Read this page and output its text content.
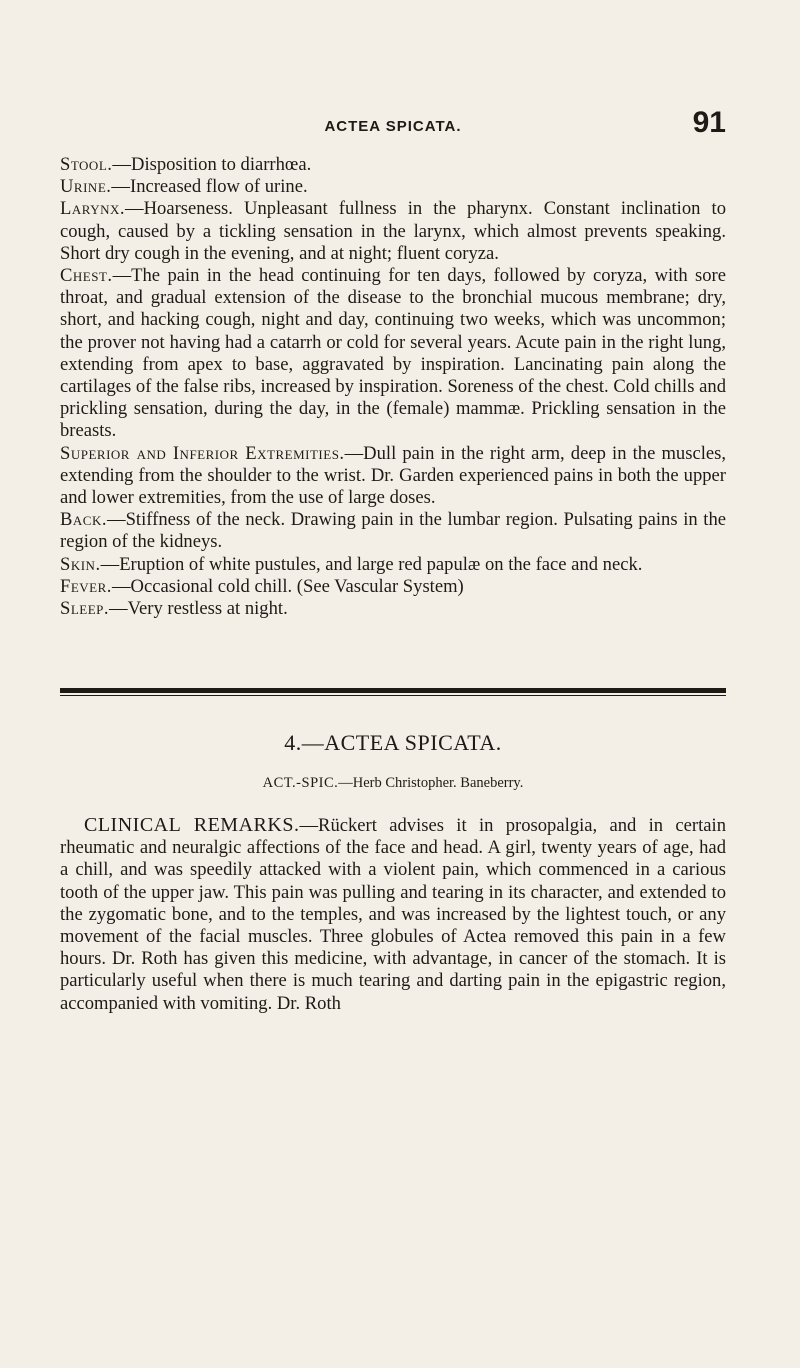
ACTEA SPICATA.	91

Stool.—Disposition to diarrhœa.

Urine.—Increased flow of urine.

Larynx.—Hoarseness. Unpleasant fullness in the pharynx. Constant inclination to cough, caused by a tickling sensation in the larynx, which almost prevents speaking. Short dry cough in the evening, and at night; fluent coryza.

Chest.—The pain in the head continuing for ten days, followed by coryza, with sore throat, and gradual extension of the disease to the bronchial mucous membrane; dry, short, and hacking cough, night and day, continuing two weeks, which was uncommon; the prover not having had a catarrh or cold for several years. Acute pain in the right lung, extending from apex to base, aggravated by inspiration. Lancinating pain along the cartilages of the false ribs, increased by inspiration. Soreness of the chest. Cold chills and prickling sensation, during the day, in the (female) mammæ. Prickling sensation in the breasts.

Superior and Inferior Extremities.—Dull pain in the right arm, deep in the muscles, extending from the shoulder to the wrist. Dr. Garden experienced pains in both the upper and lower extremities, from the use of large doses.

Back.—Stiffness of the neck. Drawing pain in the lumbar region. Pulsating pains in the region of the kidneys.

Skin.—Eruption of white pustules, and large red papulæ on the face and neck.

Fever.—Occasional cold chill. (See Vascular System)

Sleep.—Very restless at night.

4.—ACTEA SPICATA.
ACT.-SPIC.—Herb Christopher. Baneberry.

CLINICAL REMARKS.—Rückert advises it in prosopalgia, and in certain rheumatic and neuralgic affections of the face and head. A girl, twenty years of age, had a chill, and was speedily attacked with a violent pain, which commenced in a carious tooth of the upper jaw. This pain was pulling and tearing in its character, and extended to the zygomatic bone, and to the temples, and was increased by the lightest touch, or any movement of the facial muscles. Three globules of Actea removed this pain in a few hours. Dr. Roth has given this medicine, with advantage, in cancer of the stomach. It is particularly useful when there is much tearing and darting pain in the epigastric region, accompanied with vomiting. Dr. Roth
